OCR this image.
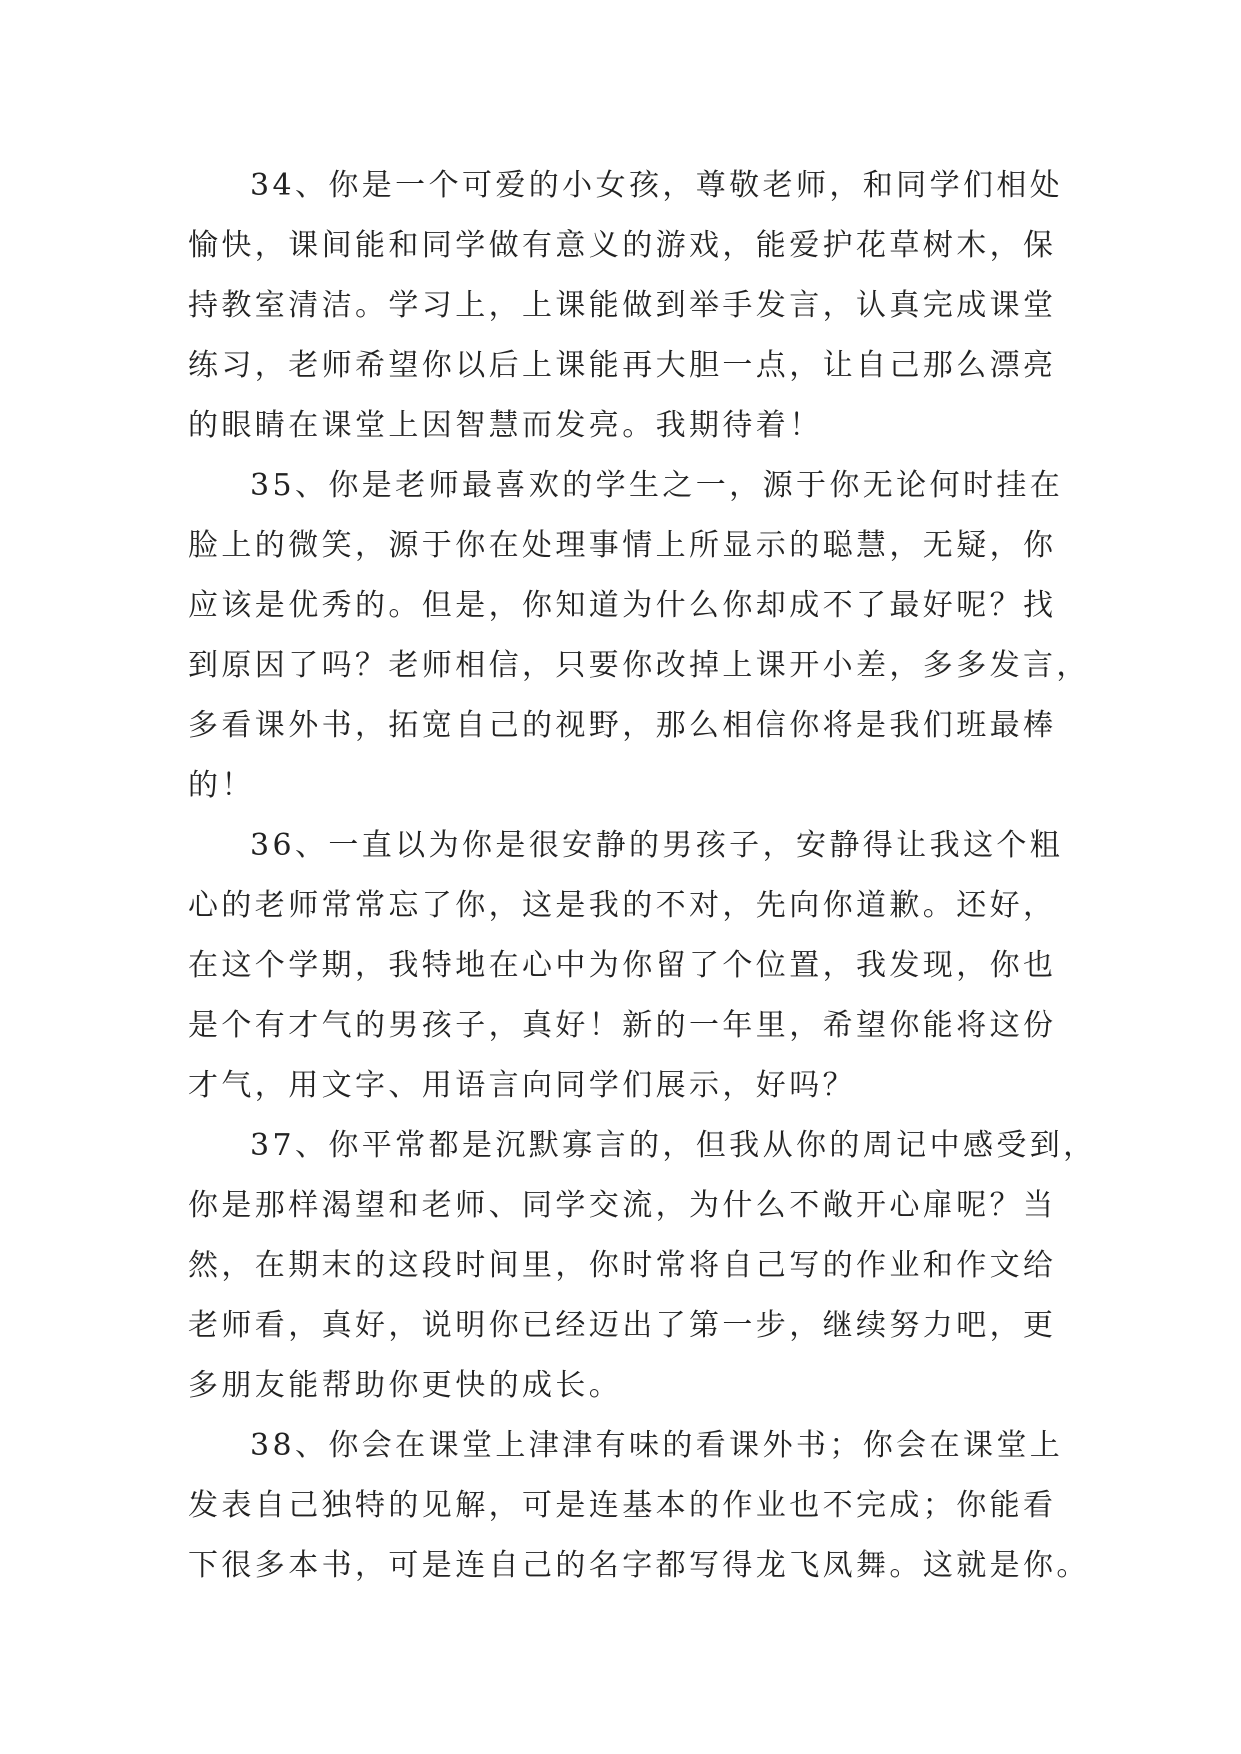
34、你是一个可爱的小女孩，尊敬老师，和同学们相处
愉快，课间能和同学做有意义的游戏，能爱护花草树木，保
持教室清洁。学习上，上课能做到举手发言，认真完成课堂
练习，老师希望你以后上课能再大胆一点，让自己那么漂亮
的眼睛在课堂上因智慧而发亮。我期待着！
35、你是老师最喜欢的学生之一，源于你无论何时挂在
脸上的微笑，源于你在处理事情上所显示的聪慧，无疑，你
应该是优秀的。但是，你知道为什么你却成不了最好呢？找
到原因了吗？老师相信，只要你改掉上课开小差，多多发言，
多看课外书，拓宽自己的视野，那么相信你将是我们班最棒
的！
36、一直以为你是很安静的男孩子，安静得让我这个粗
心的老师常常忘了你，这是我的不对，先向你道歉。还好，
在这个学期，我特地在心中为你留了个位置，我发现，你也
是个有才气的男孩子，真好！新的一年里，希望你能将这份
才气，用文字、用语言向同学们展示，好吗？
37、你平常都是沉默寡言的，但我从你的周记中感受到，
你是那样渴望和老师、同学交流，为什么不敞开心扉呢？当
然，在期末的这段时间里，你时常将自己写的作业和作文给
老师看，真好，说明你已经迈出了第一步，继续努力吧，更
多朋友能帮助你更快的成长。
38、你会在课堂上津津有味的看课外书；你会在课堂上
发表自己独特的见解，可是连基本的作业也不完成；你能看
下很多本书，可是连自己的名字都写得龙飞凤舞。这就是你。
